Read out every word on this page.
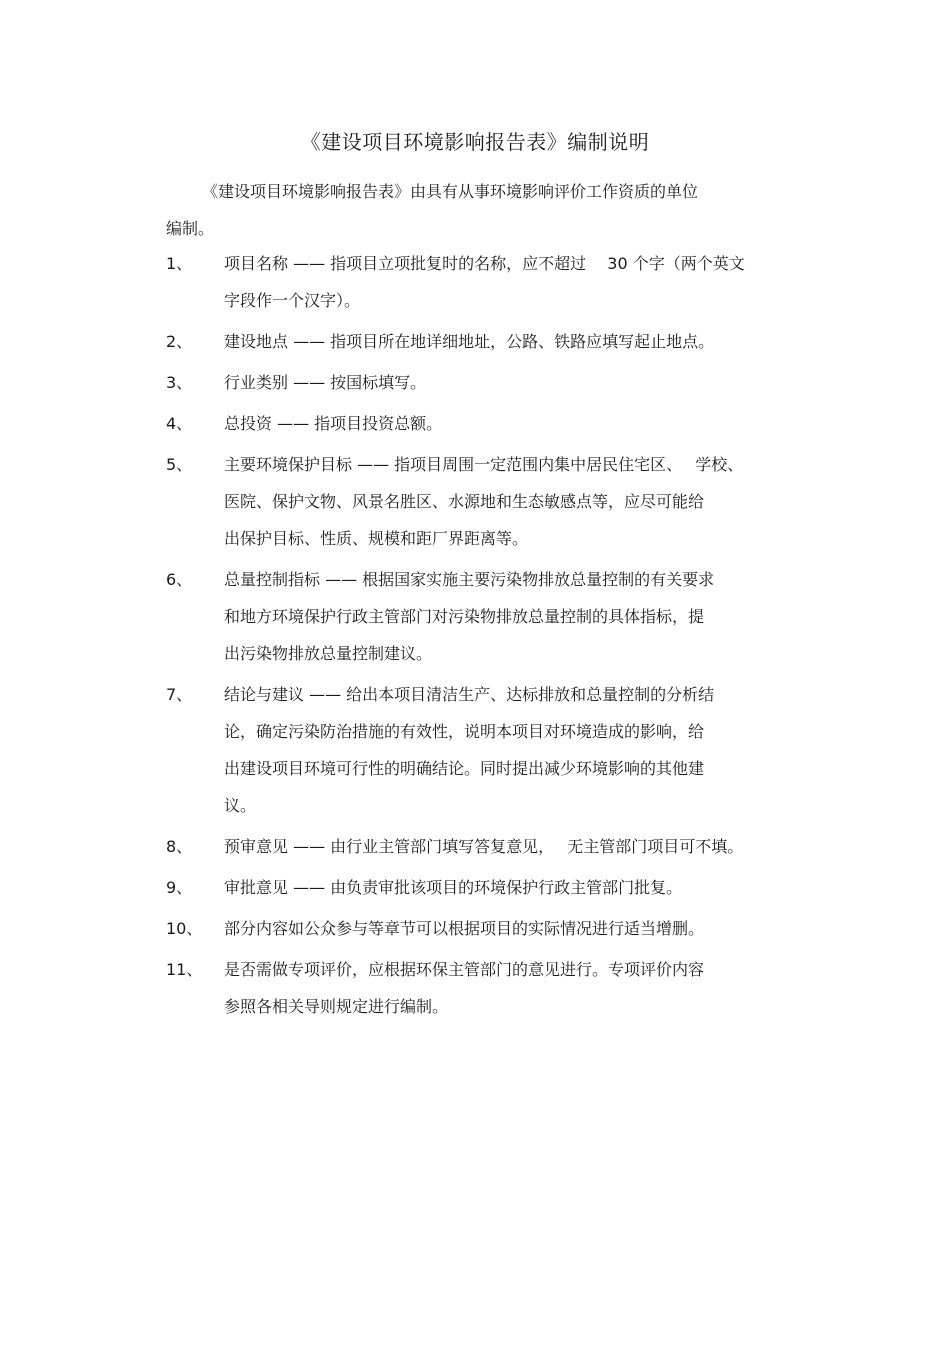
《建设项目环境影响报告表》编制说明
《建设项目环境影响报告表》由具有从事环境影响评价工作资质的单位
编制。
1、 项目名称 —— 指项目立项批复时的名称，应不超过　 30 个字（两个英文
字段作一个汉字）。
2、 建设地点 —— 指项目所在地详细地址，公路、铁路应填写起止地点。
3、 行业类别 —— 按国标填写。
4、 总投资 —— 指项目投资总额。
5、 主要环境保护目标 —— 指项目周围一定范围内集中居民住宅区、　 学校、
医院、保护文物、风景名胜区、水源地和生态敏感点等，应尽可能给
出保护目标、性质、规模和距厂界距离等。
6、 总量控制指标 —— 根据国家实施主要污染物排放总量控制的有关要求
和地方环境保护行政主管部门对污染物排放总量控制的具体指标，提
出污染物排放总量控制建议。
7、 结论与建议 —— 给出本项目清洁生产、达标排放和总量控制的分析结
论，确定污染防治措施的有效性，说明本项目对环境造成的影响，给
出建设项目环境可行性的明确结论。同时提出减少环境影响的其他建
议。
8、 预审意见 —— 由行业主管部门填写答复意见，　 无主管部门项目可不填。
9、 审批意见 —— 由负责审批该项目的环境保护行政主管部门批复。
10、 部分内容如公众参与等章节可以根据项目的实际情况进行适当增删。
11、 是否需做专项评价，应根据环保主管部门的意见进行。专项评价内容
参照各相关导则规定进行编制。
